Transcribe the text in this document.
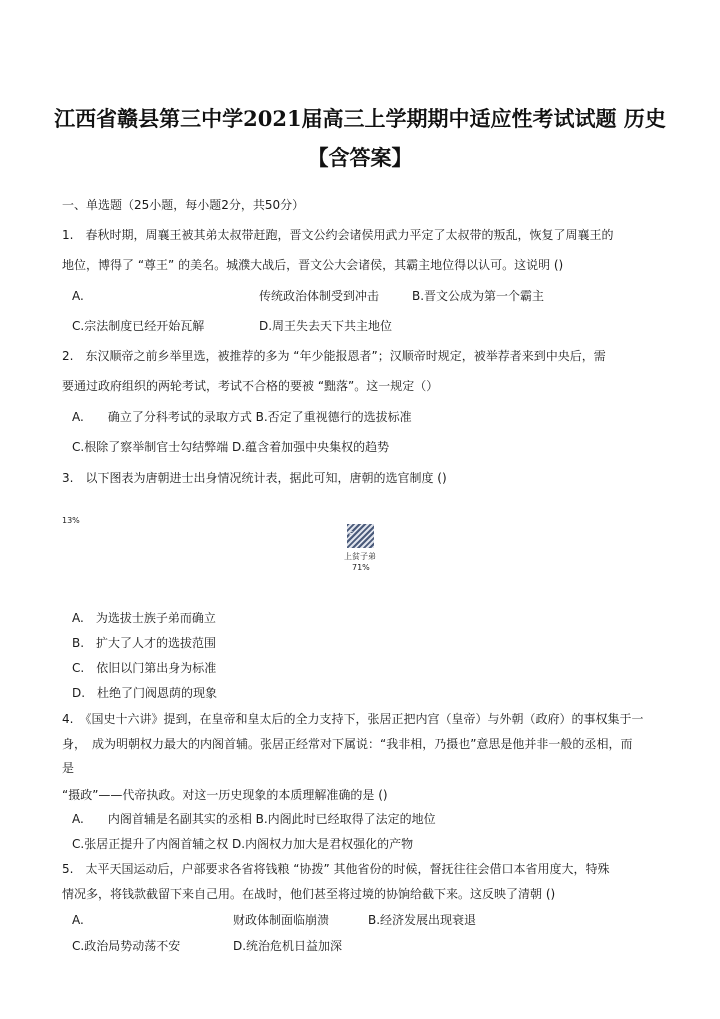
江西省赣县第三中学2021届高三上学期期中适应性考试试题 历史
【含答案】
一、单选题（25小题，每小题2分，共50分）
1.　春秋时期，周襄王被其弟太叔带赶跑，晋文公约会诸侯用武力平定了太叔带的叛乱，恢复了周襄王的
地位，博得了 “尊王” 的美名。城濮大战后，晋文公大会诸侯，其霸主地位得以认可。这说明 ()
A.	传统政治体制受到冲击	B.晋文公成为第一个霸主
C.宗法制度已经开始瓦解	D.周王失去天下共主地位
2.　东汉顺帝之前乡举里选，被推荐的多为 “年少能报恩者”；汉顺帝时规定，被举荐者来到中央后，需
要通过政府组织的两轮考试，考试不合格的要被 “黜落”。这一规定（）
A.　　确立了分科考试的录取方式 B.否定了重视德行的选拔标准
C.根除了察举制官士勾结弊端 D.蕴含着加强中央集权的趋势
3.　以下图表为唐朝进士出身情况统计表，据此可知，唐朝的选官制度 ()
13%
F
上贫子弟
71%
A.　为选拔士族子弟而确立
B.　扩大了人才的选拔范围
C.　依旧以门第出身为标准
D.　杜绝了门阀恩荫的现象
4.　《国史十六讲》提到，在皇帝和皇太后的全力支持下，张居正把内宫（皇帝）与外朝（政府）的事权集于一
身，　成为明朝权力最大的内阁首辅。张居正经常对下属说：“我非相，乃摄也”意思是他并非一般的丞相，而
是
“摄政”——代帝执政。对这一历史现象的本质理解准确的是 ()
A.　　内阁首辅是名副其实的丞相 B.内阁此时已经取得了法定的地位
C.张居正提升了内阁首辅之权 D.内阁权力加大是君权强化的产物
5.　太平天国运动后，户部要求各省将钱粮 “协拨” 其他省份的时候，督抚往往会借口本省用度大，特殊
情况多，将钱款截留下来自己用。在战时，他们甚至将过境的协饷给截下来。这反映了清朝 ()
A.	财政体制面临崩溃	B.经济发展出现衰退
C.政治局势动荡不安	D.统治危机日益加深
